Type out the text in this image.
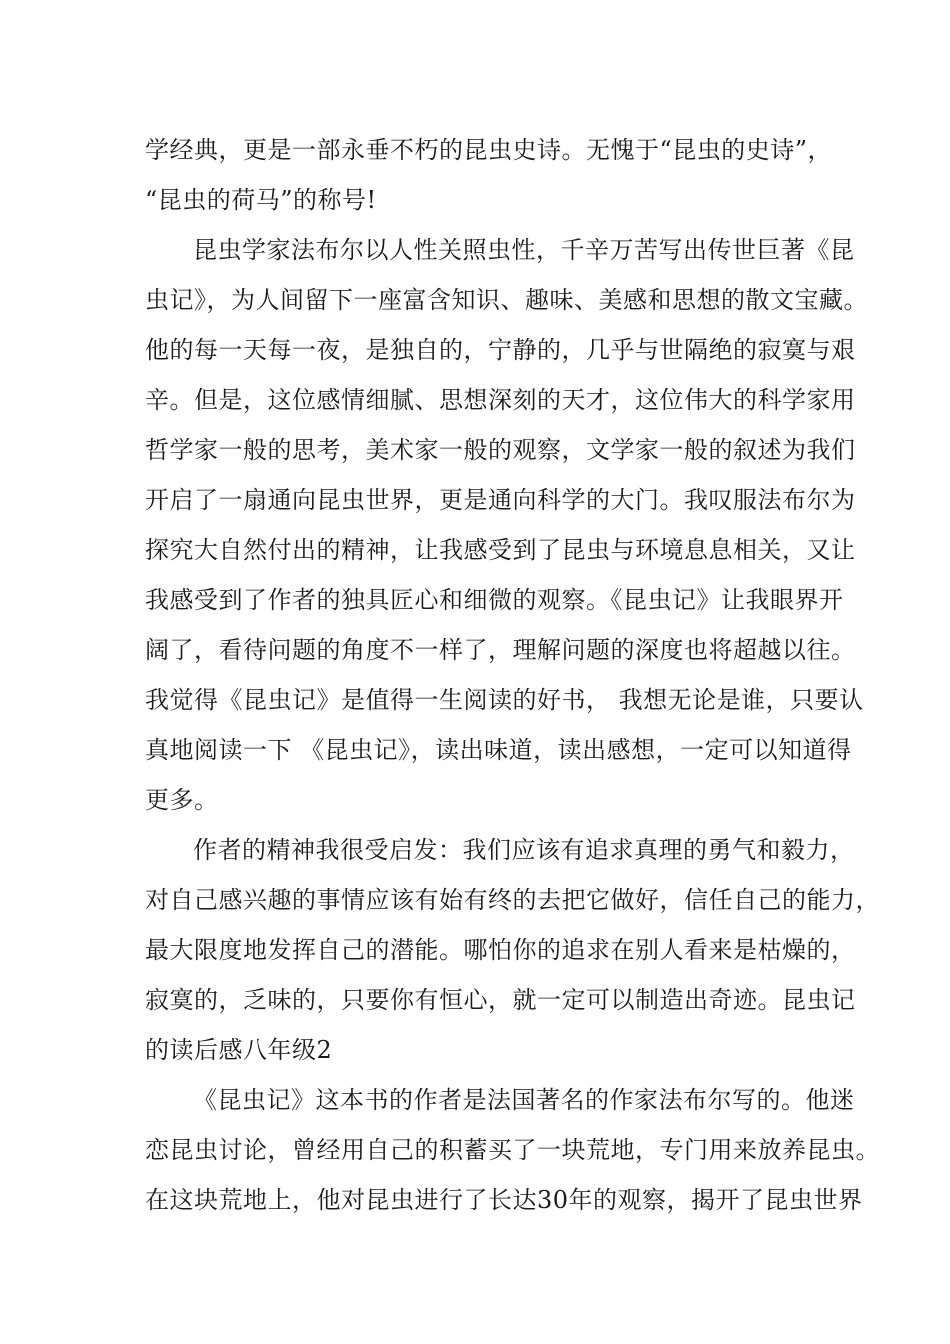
学经典，更是一部永垂不朽的昆虫史诗。无愧于“昆虫的史诗”，
“昆虫的荷马”的称号!
昆虫学家法布尔以人性关照虫性，千辛万苦写出传世巨著《昆
虫记》，为人间留下一座富含知识、趣味、美感和思想的散文宝藏。
他的每一天每一夜，是独自的，宁静的，几乎与世隔绝的寂寞与艰
辛。但是，这位感情细腻、思想深刻的天才，这位伟大的科学家用
哲学家一般的思考，美术家一般的观察，文学家一般的叙述为我们
开启了一扇通向昆虫世界，更是通向科学的大门。我叹服法布尔为
探究大自然付出的精神，让我感受到了昆虫与环境息息相关，又让
我感受到了作者的独具匠心和细微的观察。《昆虫记》让我眼界开
阔了，看待问题的角度不一样了，理解问题的深度也将超越以往。
我觉得《昆虫记》是值得一生阅读的好书， 我想无论是谁，只要认
真地阅读一下 《昆虫记》，读出味道，读出感想，一定可以知道得
更多。
作者的精神我很受启发：我们应该有追求真理的勇气和毅力，
对自己感兴趣的事情应该有始有终的去把它做好，信任自己的能力，
最大限度地发挥自己的潜能。哪怕你的追求在别人看来是枯燥的，
寂寞的，乏味的，只要你有恒心，就一定可以制造出奇迹。昆虫记
的读后感八年级2
《昆虫记》这本书的作者是法国著名的作家法布尔写的。他迷
恋昆虫讨论，曾经用自己的积蓄买了一块荒地，专门用来放养昆虫。
在这块荒地上，他对昆虫进行了长达30年的观察，揭开了昆虫世界
